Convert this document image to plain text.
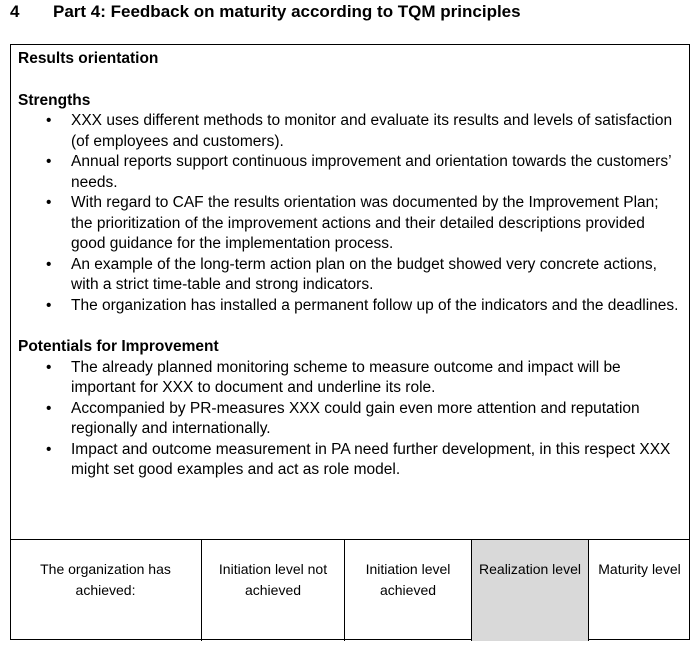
4 Part 4: Feedback on maturity according to TQM principles

Results orientation

Strengths

• XXX uses different methods to monitor and evaluate its results and levels of satisfaction (of employees and customers).
• Annual reports support continuous improvement and orientation towards the customers’ needs.
• With regard to CAF the results orientation was documented by the Improvement Plan; the prioritization of the improvement actions and their detailed descriptions provided good guidance for the implementation process.
• An example of the long-term action plan on the budget showed very concrete actions, with a strict time-table and strong indicators.
• The organization has installed a permanent follow up of the indicators and the deadlines.

Potentials for Improvement

• The already planned monitoring scheme to measure outcome and impact will be important for XXX to document and underline its role.
• Accompanied by PR-measures XXX could gain even more attention and reputation regionally and internationally.
• Impact and outcome measurement in PA need further development, in this respect XXX might set good examples and act as role model.
The organization has
achieved:
Initiation level not
achieved
Initiation level
achieved
Realization level	Maturity level
